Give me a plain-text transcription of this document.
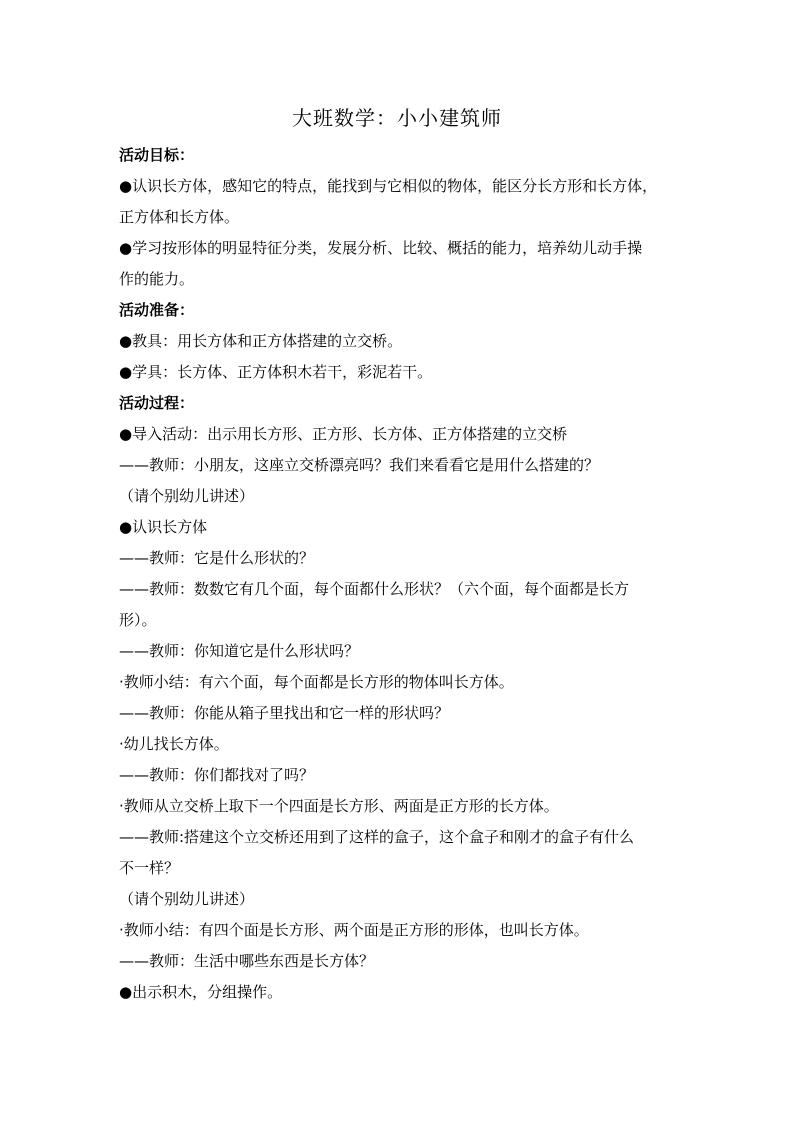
大班数学：小小建筑师
活动目标：
●认识长方体，感知它的特点，能找到与它相似的物体，能区分长方形和长方体，
正方体和长方体。
●学习按形体的明显特征分类，发展分析、比较、概括的能力，培养幼儿动手操
作的能力。
活动准备：
●教具：用长方体和正方体搭建的立交桥。
●学具：长方体、正方体积木若干，彩泥若干。
活动过程：
●导入活动：出示用长方形、正方形、长方体、正方体搭建的立交桥
——教师：小朋友，这座立交桥漂亮吗？我们来看看它是用什么搭建的？
（请个别幼儿讲述）
●认识长方体
——教师：它是什么形状的？
——教师：数数它有几个面，每个面都什么形状？（六个面，每个面都是长方
形）。
——教师：你知道它是什么形状吗？
·教师小结：有六个面，每个面都是长方形的物体叫长方体。
——教师：你能从箱子里找出和它一样的形状吗？
·幼儿找长方体。
——教师：你们都找对了吗？
·教师从立交桥上取下一个四面是长方形、两面是正方形的长方体。
——教师:搭建这个立交桥还用到了这样的盒子，这个盒子和刚才的盒子有什么
不一样？
（请个别幼儿讲述）
·教师小结：有四个面是长方形、两个面是正方形的形体，也叫长方体。
——教师：生活中哪些东西是长方体？
●出示积木，分组操作。
